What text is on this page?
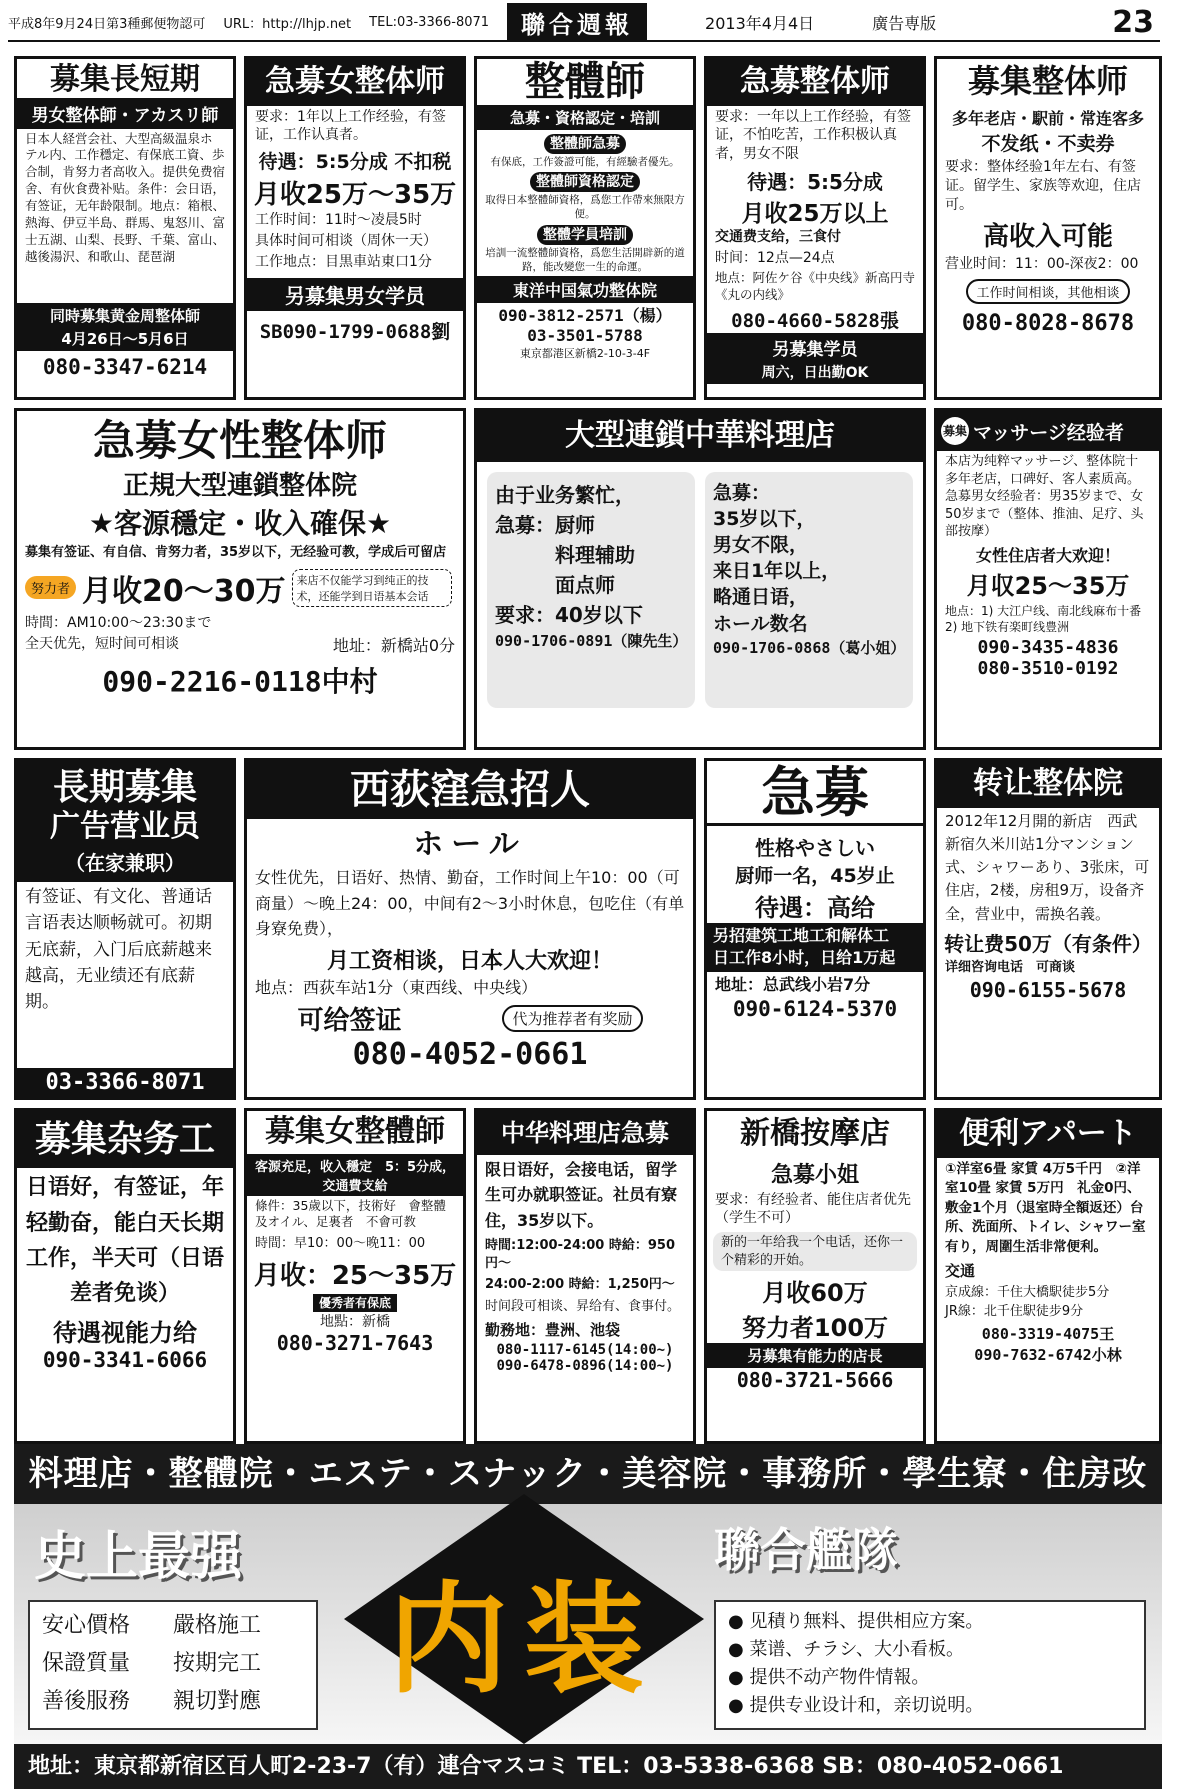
平成8年9月24日第3種郵便物認可 URL：http://lhjp.net TEL:03-3366-8071	聯合週報	2013年4月4日	廣告専版	23
募集長短期
男女整体師・アカスリ師
日本人経営会社、大型高級温泉ホテル内、工作穩定、有保底工資、歩合制，肯努力者高收入。提供免费宿舍、有伙食费补贴。条件：会日语，有签证，无年龄限制。地点：箱根、熱海、伊豆半島、群馬、鬼怒川、富士五湖、山梨、長野、千葉、富山、越後湯沢、和歌山、琵琶湖
同時募集黄金周整体師
4月26日～5月6日
080-3347-6214
急募女整体师
要求：1年以上工作经验，有签证，工作认真者。
待遇：5:5分成 不扣税
月收25万～35万
工作时间：11时～凌晨5时
具体时间可相谈（周休一天）
工作地点：目黒車站東口1分
另募集男女学员
SB090-1799-0688劉
整體師
急募・資格認定・培訓
整體師急募
有保底，工作簽證可能，有經驗者優先。
整體師資格認定
取得日本整體師資格，爲您工作帶來無限方便。
整體学員培訓
培訓一流整體師資格，爲您生活開辟新的道路，能改變您一生的命運。
東洋中国氣功整体院
090-3812-2571（楊）
03-3501-5788
東京都港区新橋2-10-3-4F
急募整体师
要求：一年以上工作经验，有签证，不怕吃苦，工作积极认真者，男女不限
待遇：5:5分成
月收25万以上
交通费支给，三食付
时间：12点—24点
地点：阿佐ケ谷《中央线》新高円寺《丸の内线》
080-4660-5828張
另募集学员
周六，日出勤OK
募集整体师
多年老店・駅前・常连客多
不发纸・不卖券
要求：整体经验1年左右、有签证。留学生、家族等欢迎，住店可。
高收入可能
营业时间：11：00-深夜2：00
工作时间相谈，其他相谈
080-8028-8678
急募女性整体师
正規大型連鎖整体院
★客源穩定・收入確保★
募集有签证、有自信、肯努力者，35岁以下，无经验可教，学成后可留店
努力者 月收20～30万	来店不仅能学习到纯正的技术，还能学到日语基本会话
時間：AM10:00～23:30まで
全天优先，短时间可相谈	地址：新橋站0分
090-2216-0118中村
大型連鎖中華料理店
由于业务繁忙，
急募：厨师
料理辅助
面点师
要求：40岁以下
090-1706-0891（陳先生）
急募：
35岁以下，
男女不限，
来日1年以上，
略通日语，
ホール数名
090-1706-0868（葛小姐）
募集 マッサージ经验者
本店为纯粹マッサージ、整体院十多年老店，口碑好、客人素质高。急募男女经验者：男35岁まで、女50岁まで（整体、推油、足疗、头部按摩）
女性住店者大欢迎！
月収25～35万
地点：1) 大江户线、南北线麻布十番　2) 地下铁有楽町线豊洲
090-3435-4836
080-3510-0192
長期募集
广告营业员
（在家兼职）
有签证、有文化、普通话言语表达顺畅就可。初期无底薪，入门后底薪越来越高，无业绩还有底薪期。
03-3366-8071
西荻窪急招人
ホール
女性优先，日语好、热情、勤奋，工作时间上午10：00（可商量）～晚上24：00，中间有2～3小时休息，包吃住（有单身寮免费），
月工资相谈，日本人大欢迎！
地点：西荻车站1分（東西线、中央线）
可给签证	代为推荐者有奖励
080-4052-0661
急募
性格やさしい
厨师一名，45岁止
待遇：高给
另招建筑工地工和解体工　日工作8小时，日给1万起
地址：总武线小岩7分
090-6124-5370
转让整体院
2012年12月開的新店　西武新宿久米川站1分マンション式、シャワーあり、3张床，可住店，2楼，房租9万，设备齐全，营业中，需换名義。
转让费50万（有条件）
详细咨询电话　可商谈
090-6155-5678
募集杂务工
日语好，有签证，年轻勤奋，能白天长期工作，半天可（日语差者免谈）
待遇视能力给
090-3341-6066
募集女整體師
客源充足，收入穩定　5：5分成，交通費支給
條件：35歲以下，技術好　會整體及オイル、足裏者　不會可教
時間：早10：00～晚11：00
月收：25～35万
優秀者有保底
地點：新橋
080-3271-7643
中华料理店急募
限日语好，会接电话，留学生可办就职签证。社员有寮住，35岁以下。
時間:12:00-24:00 時給：950円～
24:00-2:00 時給：1,250円～
时间段可相谈、昇给有、食事付。
勤務地：豊洲、池袋
080-1117-6145(14:00~)
090-6478-0896(14:00~)
新橋按摩店
急募小姐
要求：有经验者、能住店者优先（学生不可）
新的一年给我一个电话，还你一个精彩的开始。
月收60万
努力者100万
另募集有能力的店長
080-3721-5666
便利アパート
①洋室6畳 家賃 4万5千円　②洋室10畳 家賃 5万円　礼金0円、敷金1个月（退室時全額返还）台所、洗面所、トイレ、シャワー室有り，周圍生活非常便利。
交通
京成線：千住大橋駅徒步5分
JR線：北千住駅徒步9分
080-3319-4075王
090-7632-6742小林
料理店・整體院・エステ・スナック・美容院・事務所・學生寮・住房改
史上最强	聯合艦隊
内装
安心價格	嚴格施工
保證質量	按期完工
善後服務	親切對應
● 见積り無料、提供相应方案。
● 菜谱、チラシ、大小看板。
● 提供不动产物件情報。
● 提供专业设计和，亲切说明。
地址：東京都新宿区百人町2-23-7（有）連合マスコミ TEL：03-5338-6368 SB：080-4052-0661
